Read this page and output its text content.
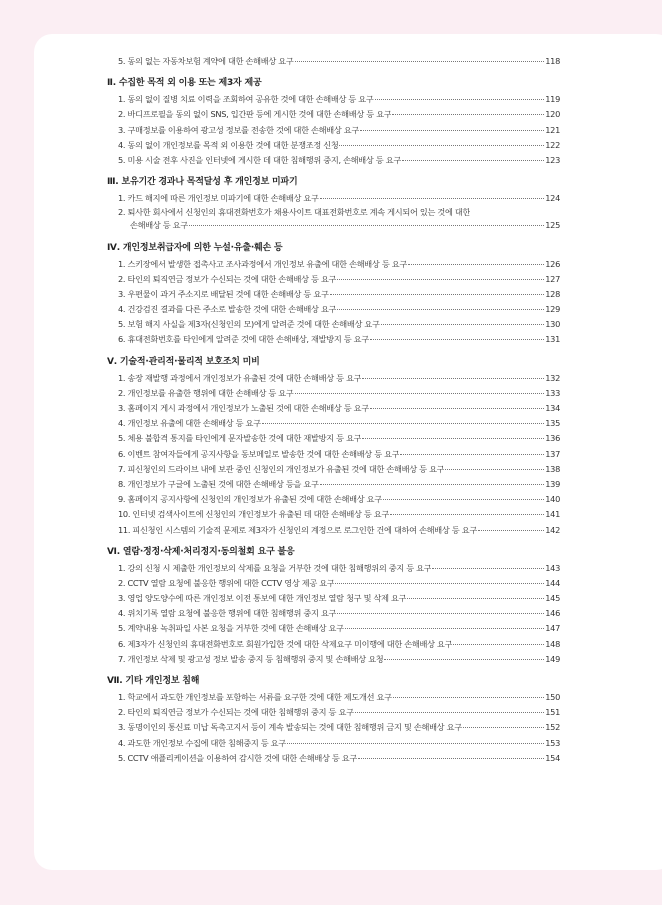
5. 동의 없는 자동차보험 계약에 대한 손해배상 요구	118
Ⅱ. 수집한 목적 외 이용 또는 제3자 제공
1. 동의 없이 질병 치료 이력을 조회하여 공유한 것에 대한 손해배상 등 요구	119
2. 바디프로필을 동의 없이 SNS, 입간판 등에 게시한 것에 대한 손해배상 등 요구	120
3. 구매정보를 이용하여 광고성 정보를 전송한 것에 대한 손해배상 요구	121
4. 동의 없이 개인정보를 목적 외 이용한 것에 대한 분쟁조정 신청	122
5. 미용 시술 전후 사진을 인터넷에 게시한 데 대한 침해행위 중지, 손해배상 등 요구	123
Ⅲ. 보유기간 경과나 목적달성 후 개인정보 미파기
1. 카드 해지에 따른 개인정보 미파기에 대한 손해배상 요구	124
2. 퇴사한 회사에서 신청인의 휴대전화번호가 채용사이트 대표전화번호로 계속 게시되어 있는 것에 대한
손해배상 등 요구	125
Ⅳ. 개인정보취급자에 의한 누설·유출·훼손 등
1. 스키장에서 발생한 접촉사고 조사과정에서 개인정보 유출에 대한 손해배상 등 요구	126
2. 타인의 퇴직연금 정보가 수신되는 것에 대한 손해배상 등 요구	127
3. 우편물이 과거 주소지로 배달된 것에 대한 손해배상 등 요구	128
4. 건강검진 결과를 다른 주소로 발송한 것에 대한 손해배상 요구	129
5. 보험 해지 사실을 제3자(신청인의 모)에게 알려준 것에 대한 손해배상 요구	130
6. 휴대전화번호를 타인에게 알려준 것에 대한 손해배상, 재발방지 등 요구	131
Ⅴ. 기술적·관리적·물리적 보호조치 미비
1. 송장 재발행 과정에서 개인정보가 유출된 것에 대한 손해배상 등 요구	132
2. 개인정보를 유출한 행위에 대한 손해배상 등 요구	133
3. 홈페이지 게시 과정에서 개인정보가 노출된 것에 대한 손해배상 등 요구	134
4. 개인정보 유출에 대한 손해배상 등 요구	135
5. 체용 불합격 통지를 타인에게 문자발송한 것에 대한 재발방지 등 요구	136
6. 이벤트 참여자들에게 공지사항을 동보메일로 발송한 것에 대한 손해배상 등 요구	137
7. 피신청인의 드라이브 내에 보관 중인 신청인의 개인정보가 유출된 것에 대한 손해배상 등 요구	138
8. 개인정보가 구글에 노출된 것에 대한 손해배상 등을 요구	139
9. 홈페이지 공지사항에 신청인의 개인정보가 유출된 것에 대한 손해배상 요구	140
10. 인터넷 검색사이트에 신청인의 개인정보가 유출된 데 대한 손해배상 등 요구	141
11. 피신청인 시스템의 기술적 문제로 제3자가 신청인의 계정으로 로그인한 건에 대하여 손해배상 등 요구	142
Ⅵ. 열람·정정·삭제·처리정지·동의철회 요구 불응
1. 강의 신청 시 제출한 개인정보의 삭제를 요청을 거부한 것에 대한 침해행위의 중지 등 요구	143
2. CCTV 열람 요청에 불응한 행위에 대한 CCTV 영상 제공 요구	144
3. 영업 양도양수에 따른 개인정보 이전 통보에 대한 개인정보 열람 청구 및 삭제 요구	145
4. 위치기록 열람 요청에 불응한 행위에 대한 침해행위 중지 요구	146
5. 계약내용 녹취파일 사본 요청을 거부한 것에 대한 손해배상 요구	147
6. 제3자가 신청인의 휴대전화번호로 회원가입한 것에 대한 삭제요구 미이행에 대한 손해배상 요구	148
7. 개인정보 삭제 및 광고성 정보 발송 중지 등 침해행위 중지 및 손해배상 요청	149
Ⅶ. 기타 개인정보 침해
1. 학교에서 과도한 개인정보를 포함하는 서류를 요구한 것에 대한 제도개선 요구	150
2. 타인의 퇴직연금 정보가 수신되는 것에 대한 침해행위 중지 등 요구	151
3. 동명이인의 통신료 미납 독촉고지서 등이 계속 발송되는 것에 대한 침해행위 금지 및 손해배상 요구	152
4. 과도한 개인정보 수집에 대한 침해중지 등 요구	153
5. CCTV 애플리케이션을 이용하여 감시한 것에 대한 손해배상 등 요구	154
